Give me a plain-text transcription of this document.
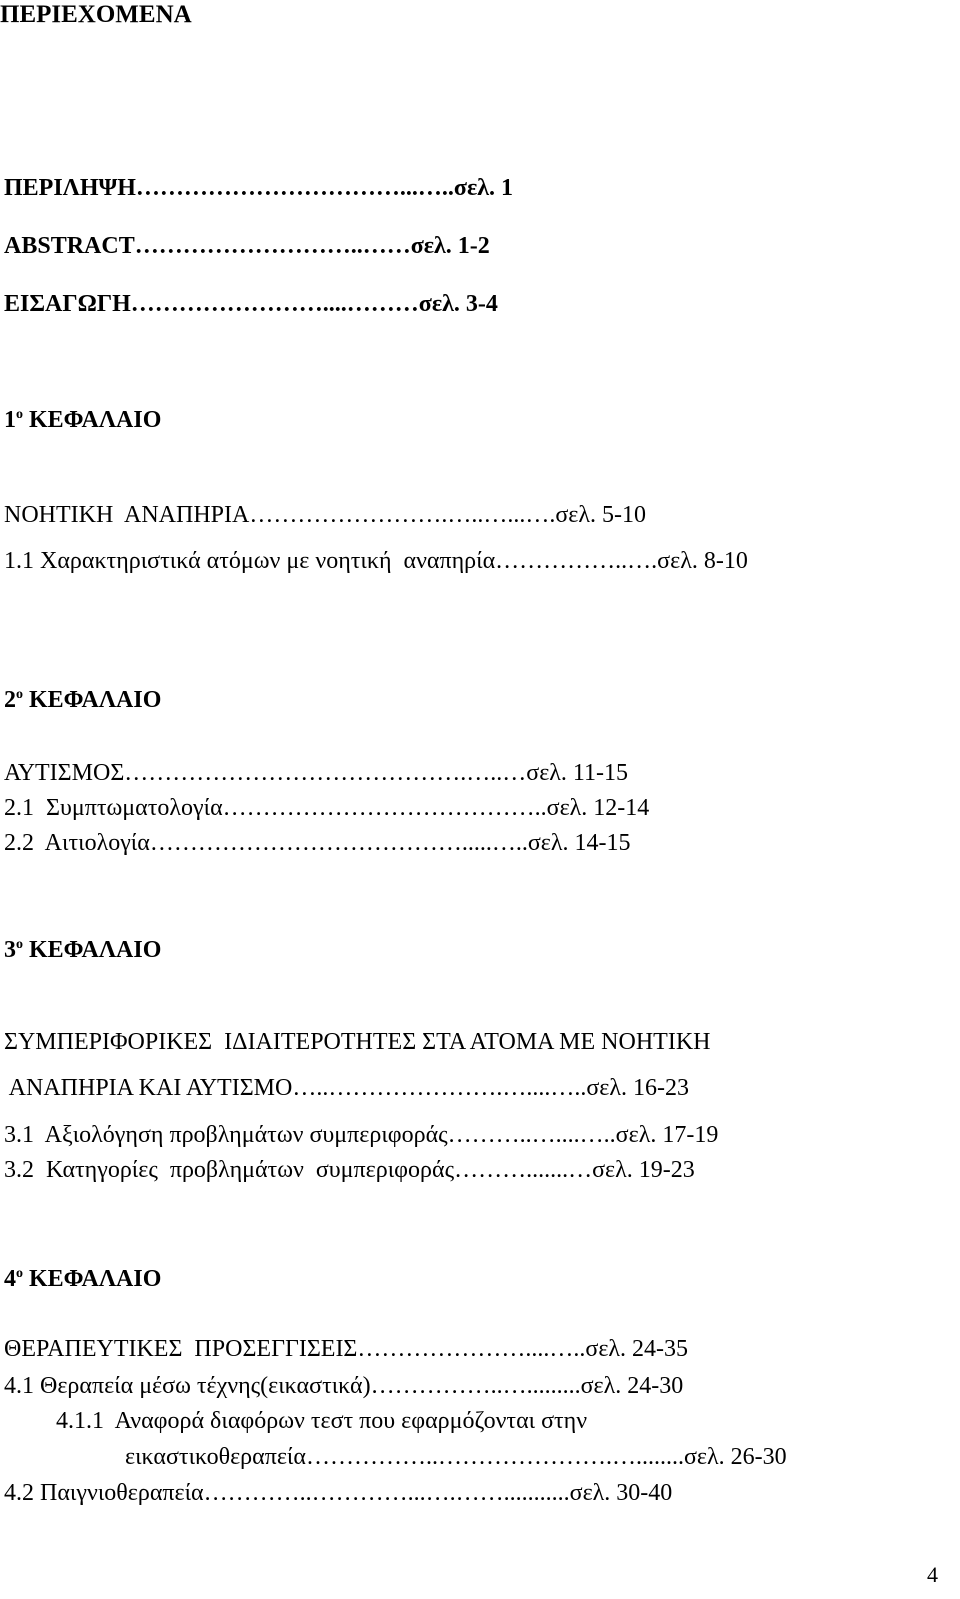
ΠΕΡΙΕΧΟΜΕΝΑ
ΠΕΡΙΛΗΨΗ……………………………...…..σελ. 1
ABSTRACT………………………..……σελ. 1-2
ΕΙΣΑΓΩΓΗ……………………....………σελ. 3-4
$1^o$ ΚΕΦΑΛΑΙΟ
ΝΟΗΤΙΚΗ  ΑΝΑΠΗΡΙΑ…………………….…..…...….σελ. 5-10
1.1 Χαρακτηριστικά ατόμων με νοητική  αναπηρία……………..….σελ. 8-10
$2^o$ ΚΕΦΑΛΑΙΟ
ΑΥΤΙΣΜΟΣ…………………………………….…..…σελ. 11-15
2.1  Συμπτωματολογία…………………………………..σελ. 12-14
2.2  Αιτιολογία………………………………….....…..σελ. 14-15
$3^o$ ΚΕΦΑΛΑΙΟ
ΣΥΜΠΕΡΙΦΟΡΙΚΕΣ  ΙΔΙΑΙΤΕΡΟΤΗΤΕΣ ΣΤΑ ΑΤΟΜΑ ΜΕ ΝΟΗΤΙΚΗ
ΑΝΑΠΗΡΙΑ ΚΑΙ ΑΥΤΙΣΜΟ…..………………….…....…..σελ. 16-23
3.1  Αξιολόγηση προβλημάτων συμπεριφοράς………..…....…..σελ. 17-19
3.2  Κατηγορίες  προβλημάτων  συμπεριφοράς……….......…σελ. 19-23
$4^o$ ΚΕΦΑΛΑΙΟ
ΘΕΡΑΠΕΥΤΙΚΕΣ  ΠΡΟΣΕΓΓΙΣΕΙΣ…………………....…..σελ. 24-35
4.1 Θεραπεία μέσω τέχνης(εικαστικά)……………..….........σελ. 24-30
4.1.1  Αναφορά διαφόρων τεστ που εφαρμόζονται στην
εικαστικοθεραπεία……………..………………….…........σελ. 26-30
4.2 Παιγνιοθεραπεία…………..…………...….……...........σελ. 30-40
4
